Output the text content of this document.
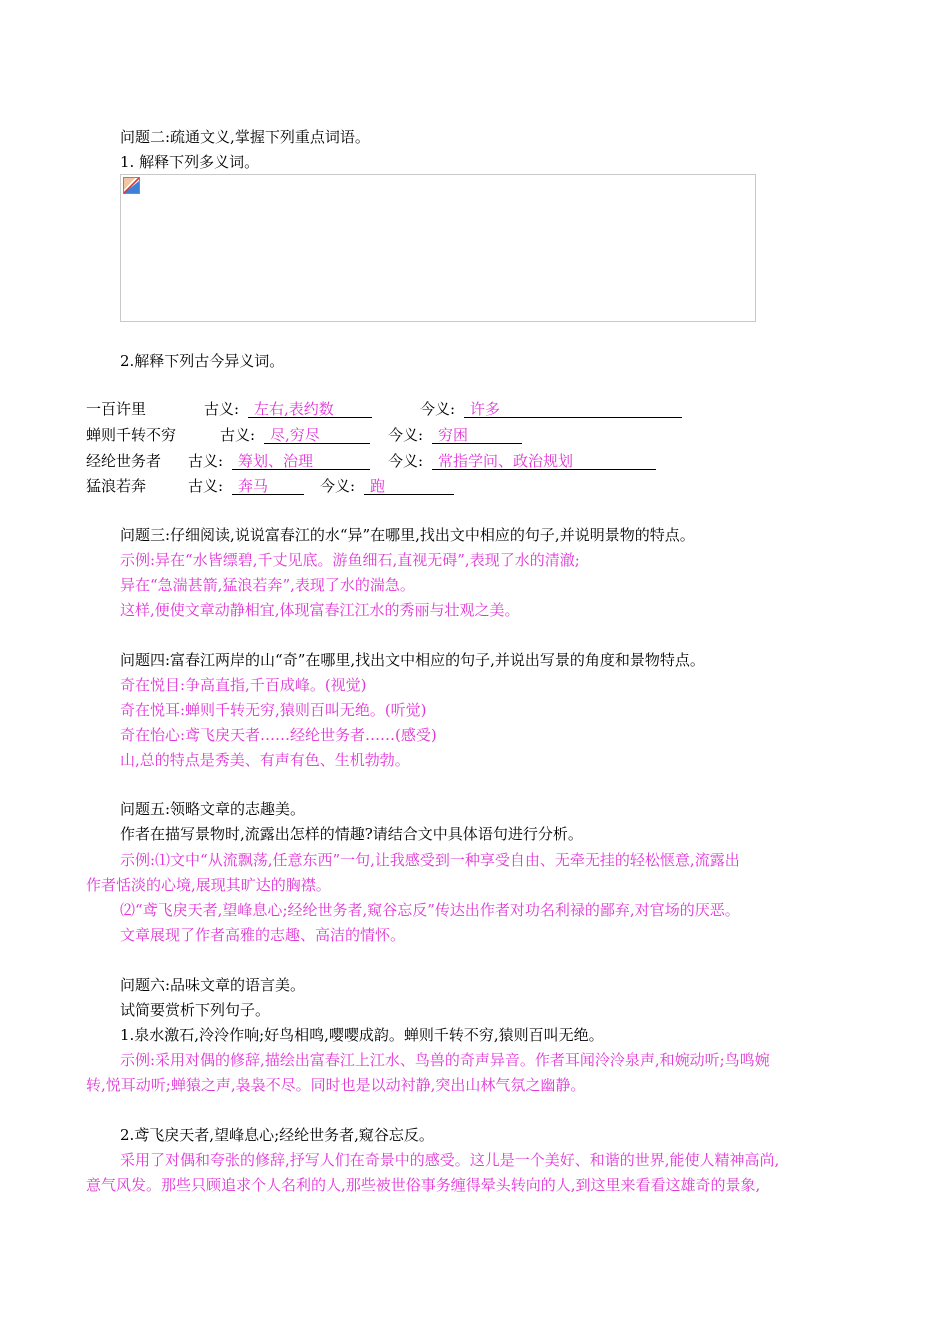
问题二:疏通文义,掌握下列重点词语。
1. 解释下列多义词。
2.解释下列古今异义词。
一百许里	古义: 左右,表约数	今义: 许多
蝉则千转不穷	古义: 尽,穷尽	今义: 穷困
经纶世务者 古义: 筹划、治理	今义: 常指学问、政治规划
猛浪若奔	古义: 奔马	今义: 跑
问题三:仔细阅读,说说富春江的水“异”在哪里,找出文中相应的句子,并说明景物的特点。
示例:异在“水皆缥碧,千丈见底。游鱼细石,直视无碍”,表现了水的清澈;
异在“急湍甚箭,猛浪若奔”,表现了水的湍急。
这样,便使文章动静相宜,体现富春江江水的秀丽与壮观之美。
问题四:富春江两岸的山“奇”在哪里,找出文中相应的句子,并说出写景的角度和景物特点。
奇在悦目:争高直指,千百成峰。(视觉)
奇在悦耳:蝉则千转无穷,猿则百叫无绝。(听觉)
奇在怡心:鸢飞戾天者……经纶世务者……(感受)
山,总的特点是秀美、有声有色、生机勃勃。
问题五:领略文章的志趣美。
作者在描写景物时,流露出怎样的情趣?请结合文中具体语句进行分析。
示例:⑴文中“从流飘荡,任意东西”一句,让我感受到一种享受自由、无牵无挂的轻松惬意,流露出
作者恬淡的心境,展现其旷达的胸襟。
⑵“鸢飞戾天者,望峰息心;经纶世务者,窥谷忘反”传达出作者对功名利禄的鄙弃,对官场的厌恶。
文章展现了作者高雅的志趣、高洁的情怀。
问题六:品味文章的语言美。
试简要赏析下列句子。
1.泉水激石,泠泠作响;好鸟相鸣,嘤嘤成韵。蝉则千转不穷,猿则百叫无绝。
示例:采用对偶的修辞,描绘出富春江上江水、鸟兽的奇声异音。作者耳闻泠泠泉声,和婉动听;鸟鸣婉
转,悦耳动听;蝉猿之声,袅袅不尽。同时也是以动衬静,突出山林气氛之幽静。
2.鸢飞戾天者,望峰息心;经纶世务者,窥谷忘反。
采用了对偶和夸张的修辞,抒写人们在奇景中的感受。这儿是一个美好、和谐的世界,能使人精神高尚,
意气风发。那些只顾追求个人名利的人,那些被世俗事务缠得晕头转向的人,到这里来看看这雄奇的景象,
